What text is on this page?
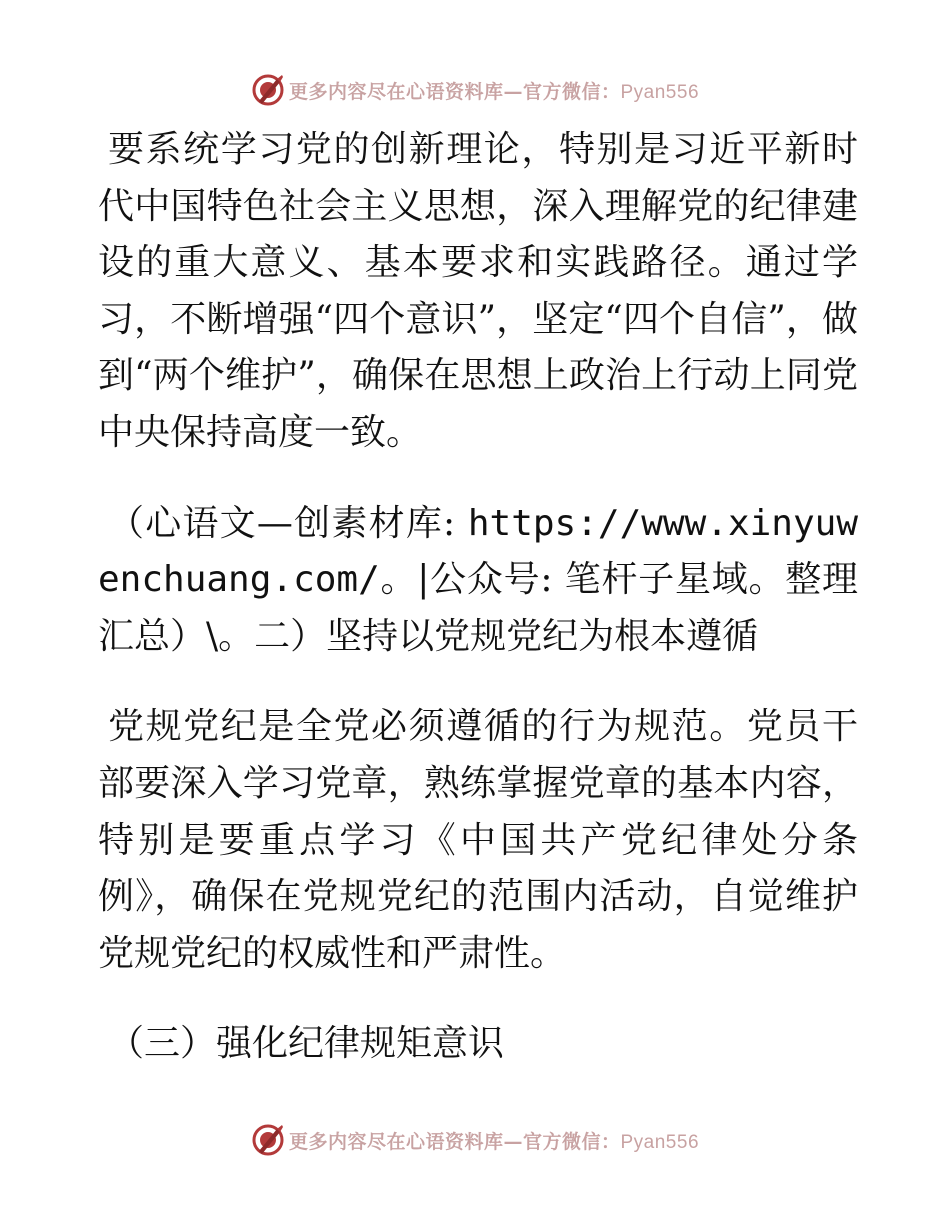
更多内容尽在心语资料库—官方微信：Pyan556

要系统学习党的创新理论，特别是习近平新时代中国特色社会主义思想，深入理解党的纪律建设的重大意义、基本要求和实践路径。通过学习，不断增强“四个意识”，坚定“四个自信”，做到“两个维护”，确保在思想上政治上行动上同党中央保持高度一致。

（心语文—创素材库: https://www.xinyuwenchuang.com/。|公众号: 笔杆子星域。整理汇总）\。二）坚持以党规党纪为根本遵循

党规党纪是全党必须遵循的行为规范。党员干部要深入学习党章，熟练掌握党章的基本内容，特别是要重点学习《中国共产党纪律处分条例》，确保在党规党纪的范围内活动，自觉维护党规党纪的权威性和严肃性。

（三）强化纪律规矩意识

更多内容尽在心语资料库—官方微信：Pyan556
